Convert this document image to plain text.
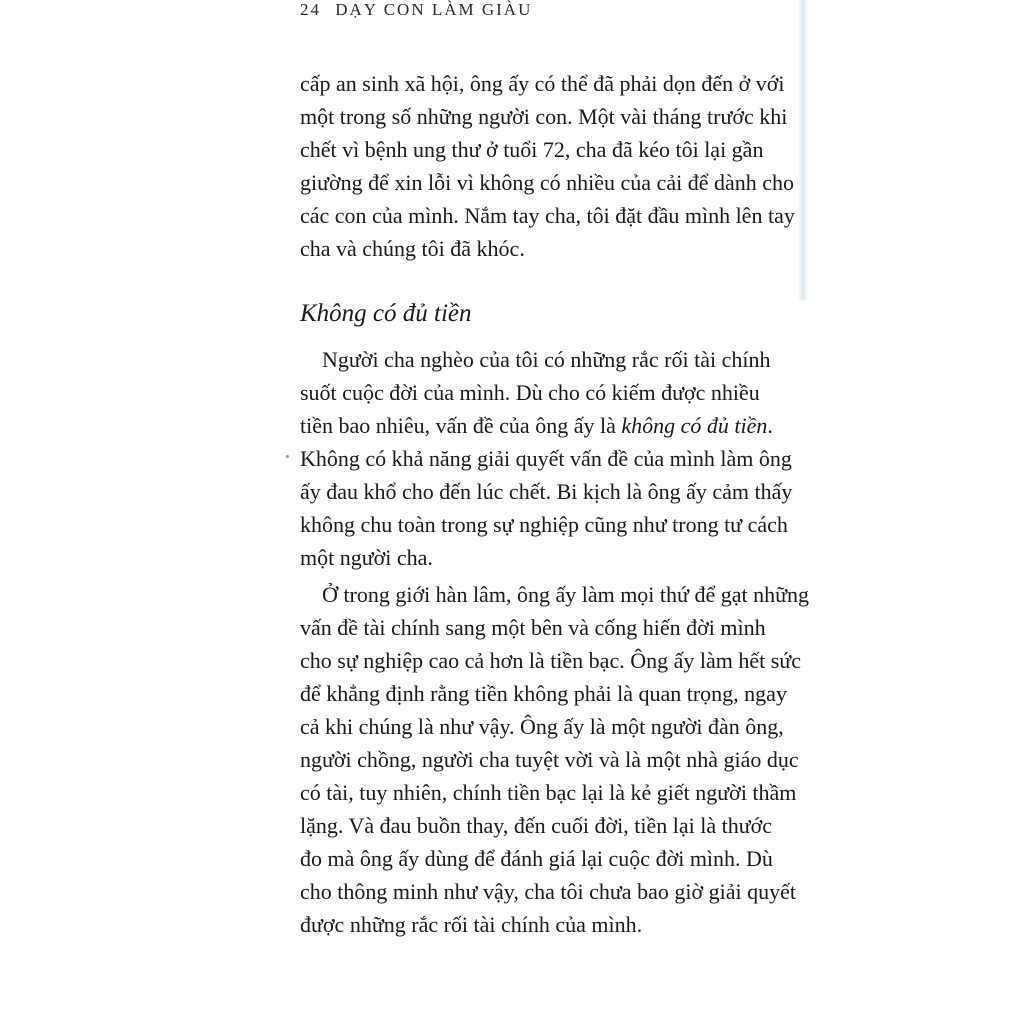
24 DẠY CON LÀM GIÀU
cấp an sinh xã hội, ông ấy có thể đã phải dọn đến ở với
một trong số những người con. Một vài tháng trước khi
chết vì bệnh ung thư ở tuổi 72, cha đã kéo tôi lại gần
giường để xin lỗi vì không có nhiều của cải để dành cho
các con của mình. Nắm tay cha, tôi đặt đầu mình lên tay
cha và chúng tôi đã khóc.
Không có đủ tiền
Người cha nghèo của tôi có những rắc rối tài chính
suốt cuộc đời của mình. Dù cho có kiếm được nhiều
tiền bao nhiêu, vấn đề của ông ấy là không có đủ tiền.
Không có khả năng giải quyết vấn đề của mình làm ông
ấy đau khổ cho đến lúc chết. Bi kịch là ông ấy cảm thấy
không chu toàn trong sự nghiệp cũng như trong tư cách
một người cha.
Ở trong giới hàn lâm, ông ấy làm mọi thứ để gạt những
vấn đề tài chính sang một bên và cống hiến đời mình
cho sự nghiệp cao cả hơn là tiền bạc. Ông ấy làm hết sức
để khẳng định rằng tiền không phải là quan trọng, ngay
cả khi chúng là như vậy. Ông ấy là một người đàn ông,
người chồng, người cha tuyệt vời và là một nhà giáo dục
có tài, tuy nhiên, chính tiền bạc lại là kẻ giết người thầm
lặng. Và đau buồn thay, đến cuối đời, tiền lại là thước
đo mà ông ấy dùng để đánh giá lại cuộc đời mình. Dù
cho thông minh như vậy, cha tôi chưa bao giờ giải quyết
được những rắc rối tài chính của mình.
